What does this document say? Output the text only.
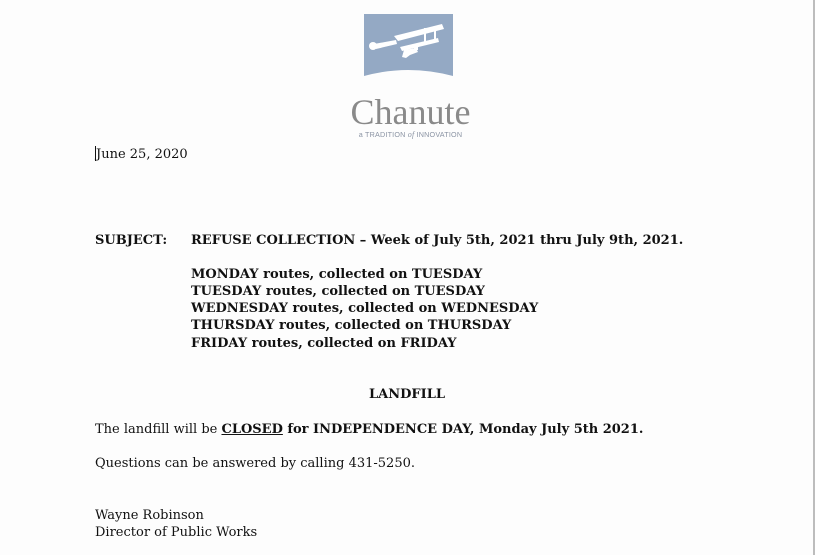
Chanute
a TRADITION of INNOVATION
June 25, 2020
SUBJECT: REFUSE COLLECTION – Week of July 5th, 2021 thru July 9th, 2021.
MONDAY routes, collected on TUESDAY
TUESDAY routes, collected on TUESDAY
WEDNESDAY routes, collected on WEDNESDAY
THURSDAY routes, collected on THURSDAY
FRIDAY routes, collected on FRIDAY
LANDFILL
The landfill will be CLOSED for INDEPENDENCE DAY, Monday July 5th 2021.
Questions can be answered by calling 431-5250.
Wayne Robinson
Director of Public Works
